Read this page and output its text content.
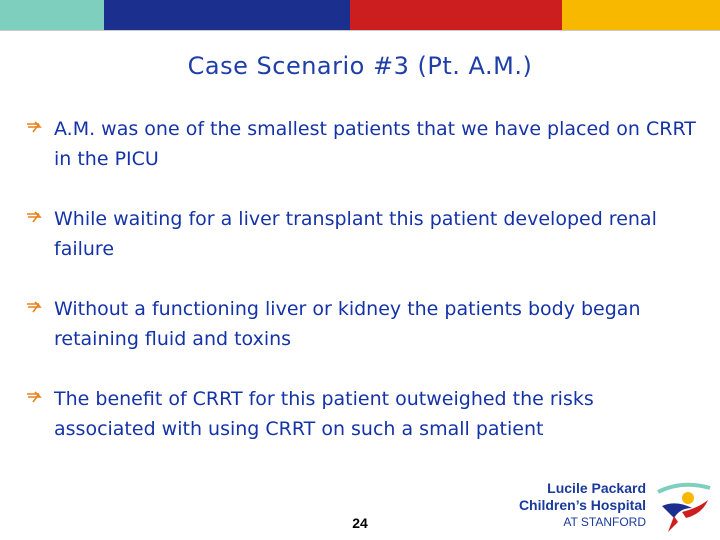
Case Scenario #3 (Pt. A.M.)
A.M. was one of the smallest patients that we have placed on CRRT in the PICU
While waiting for a liver transplant this patient developed renal failure
Without a functioning liver or kidney the patients body began retaining fluid and toxins
The benefit of CRRT for this patient outweighed the risks associated with using CRRT on such a small patient
24
Lucile Packard
Children’s Hospital
AT STANFORD
